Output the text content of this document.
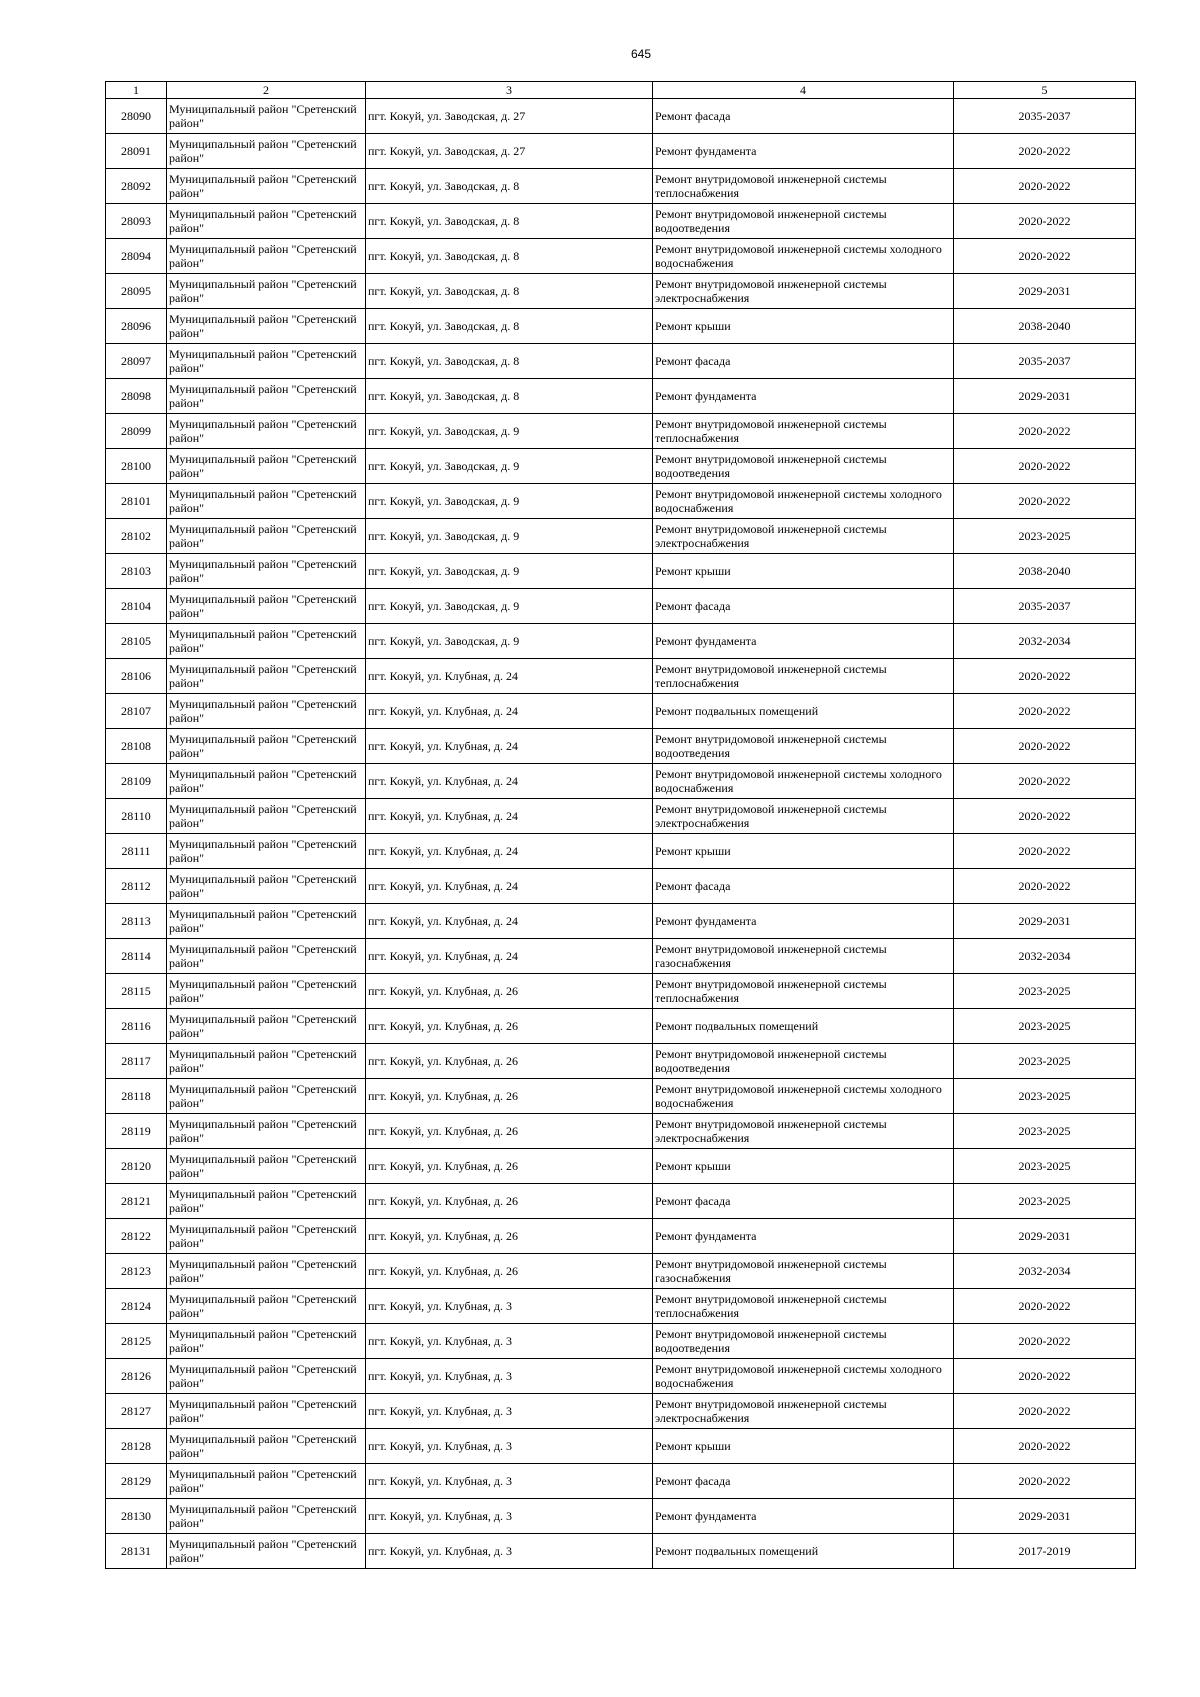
645
1	2	3	4	5
28090	Муниципальный район "Сретенский район"	пгт. Кокуй, ул. Заводская, д. 27	Ремонт фасада	2035-2037
28091	Муниципальный район "Сретенский район"	пгт. Кокуй, ул. Заводская, д. 27	Ремонт фундамента	2020-2022
28092	Муниципальный район "Сретенский район"	пгт. Кокуй, ул. Заводская, д. 8	Ремонт внутридомовой инженерной системы теплоснабжения	2020-2022
28093	Муниципальный район "Сретенский район"	пгт. Кокуй, ул. Заводская, д. 8	Ремонт внутридомовой инженерной системы водоотведения	2020-2022
28094	Муниципальный район "Сретенский район"	пгт. Кокуй, ул. Заводская, д. 8	Ремонт внутридомовой инженерной системы холодного водоснабжения	2020-2022
28095	Муниципальный район "Сретенский район"	пгт. Кокуй, ул. Заводская, д. 8	Ремонт внутридомовой инженерной системы электроснабжения	2029-2031
28096	Муниципальный район "Сретенский район"	пгт. Кокуй, ул. Заводская, д. 8	Ремонт крыши	2038-2040
28097	Муниципальный район "Сретенский район"	пгт. Кокуй, ул. Заводская, д. 8	Ремонт фасада	2035-2037
28098	Муниципальный район "Сретенский район"	пгт. Кокуй, ул. Заводская, д. 8	Ремонт фундамента	2029-2031
28099	Муниципальный район "Сретенский район"	пгт. Кокуй, ул. Заводская, д. 9	Ремонт внутридомовой инженерной системы теплоснабжения	2020-2022
28100	Муниципальный район "Сретенский район"	пгт. Кокуй, ул. Заводская, д. 9	Ремонт внутридомовой инженерной системы водоотведения	2020-2022
28101	Муниципальный район "Сретенский район"	пгт. Кокуй, ул. Заводская, д. 9	Ремонт внутридомовой инженерной системы холодного водоснабжения	2020-2022
28102	Муниципальный район "Сретенский район"	пгт. Кокуй, ул. Заводская, д. 9	Ремонт внутридомовой инженерной системы электроснабжения	2023-2025
28103	Муниципальный район "Сретенский район"	пгт. Кокуй, ул. Заводская, д. 9	Ремонт крыши	2038-2040
28104	Муниципальный район "Сретенский район"	пгт. Кокуй, ул. Заводская, д. 9	Ремонт фасада	2035-2037
28105	Муниципальный район "Сретенский район"	пгт. Кокуй, ул. Заводская, д. 9	Ремонт фундамента	2032-2034
28106	Муниципальный район "Сретенский район"	пгт. Кокуй, ул. Клубная, д. 24	Ремонт внутридомовой инженерной системы теплоснабжения	2020-2022
28107	Муниципальный район "Сретенский район"	пгт. Кокуй, ул. Клубная, д. 24	Ремонт подвальных помещений	2020-2022
28108	Муниципальный район "Сретенский район"	пгт. Кокуй, ул. Клубная, д. 24	Ремонт внутридомовой инженерной системы водоотведения	2020-2022
28109	Муниципальный район "Сретенский район"	пгт. Кокуй, ул. Клубная, д. 24	Ремонт внутридомовой инженерной системы холодного водоснабжения	2020-2022
28110	Муниципальный район "Сретенский район"	пгт. Кокуй, ул. Клубная, д. 24	Ремонт внутридомовой инженерной системы электроснабжения	2020-2022
28111	Муниципальный район "Сретенский район"	пгт. Кокуй, ул. Клубная, д. 24	Ремонт крыши	2020-2022
28112	Муниципальный район "Сретенский район"	пгт. Кокуй, ул. Клубная, д. 24	Ремонт фасада	2020-2022
28113	Муниципальный район "Сретенский район"	пгт. Кокуй, ул. Клубная, д. 24	Ремонт фундамента	2029-2031
28114	Муниципальный район "Сретенский район"	пгт. Кокуй, ул. Клубная, д. 24	Ремонт внутридомовой инженерной системы газоснабжения	2032-2034
28115	Муниципальный район "Сретенский район"	пгт. Кокуй, ул. Клубная, д. 26	Ремонт внутридомовой инженерной системы теплоснабжения	2023-2025
28116	Муниципальный район "Сретенский район"	пгт. Кокуй, ул. Клубная, д. 26	Ремонт подвальных помещений	2023-2025
28117	Муниципальный район "Сретенский район"	пгт. Кокуй, ул. Клубная, д. 26	Ремонт внутридомовой инженерной системы водоотведения	2023-2025
28118	Муниципальный район "Сретенский район"	пгт. Кокуй, ул. Клубная, д. 26	Ремонт внутридомовой инженерной системы холодного водоснабжения	2023-2025
28119	Муниципальный район "Сретенский район"	пгт. Кокуй, ул. Клубная, д. 26	Ремонт внутридомовой инженерной системы электроснабжения	2023-2025
28120	Муниципальный район "Сретенский район"	пгт. Кокуй, ул. Клубная, д. 26	Ремонт крыши	2023-2025
28121	Муниципальный район "Сретенский район"	пгт. Кокуй, ул. Клубная, д. 26	Ремонт фасада	2023-2025
28122	Муниципальный район "Сретенский район"	пгт. Кокуй, ул. Клубная, д. 26	Ремонт фундамента	2029-2031
28123	Муниципальный район "Сретенский район"	пгт. Кокуй, ул. Клубная, д. 26	Ремонт внутридомовой инженерной системы газоснабжения	2032-2034
28124	Муниципальный район "Сретенский район"	пгт. Кокуй, ул. Клубная, д. 3	Ремонт внутридомовой инженерной системы теплоснабжения	2020-2022
28125	Муниципальный район "Сретенский район"	пгт. Кокуй, ул. Клубная, д. 3	Ремонт внутридомовой инженерной системы водоотведения	2020-2022
28126	Муниципальный район "Сретенский район"	пгт. Кокуй, ул. Клубная, д. 3	Ремонт внутридомовой инженерной системы холодного водоснабжения	2020-2022
28127	Муниципальный район "Сретенский район"	пгт. Кокуй, ул. Клубная, д. 3	Ремонт внутридомовой инженерной системы электроснабжения	2020-2022
28128	Муниципальный район "Сретенский район"	пгт. Кокуй, ул. Клубная, д. 3	Ремонт крыши	2020-2022
28129	Муниципальный район "Сретенский район"	пгт. Кокуй, ул. Клубная, д. 3	Ремонт фасада	2020-2022
28130	Муниципальный район "Сретенский район"	пгт. Кокуй, ул. Клубная, д. 3	Ремонт фундамента	2029-2031
28131	Муниципальный район "Сретенский район"	пгт. Кокуй, ул. Клубная, д. 3	Ремонт подвальных помещений	2017-2019
